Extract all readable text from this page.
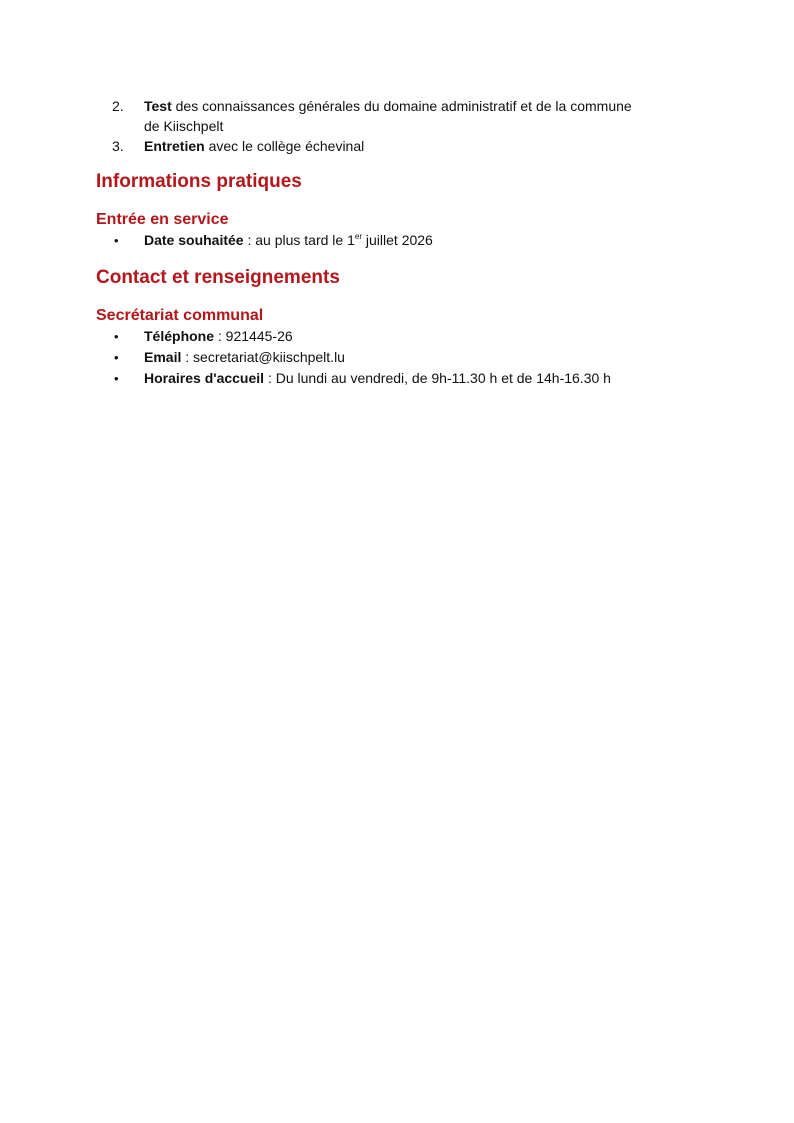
2. Test des connaissances générales du domaine administratif et de la commune
de Kiischpelt
3. Entretien avec le collège échevinal
Informations pratiques
Entrée en service
• Date souhaitée : au plus tard le 1er juillet 2026
Contact et renseignements
Secrétariat communal
• Téléphone : 921445-26
• Email : secretariat@kiischpelt.lu
• Horaires d'accueil : Du lundi au vendredi, de 9h-11.30 h et de 14h-16.30 h
